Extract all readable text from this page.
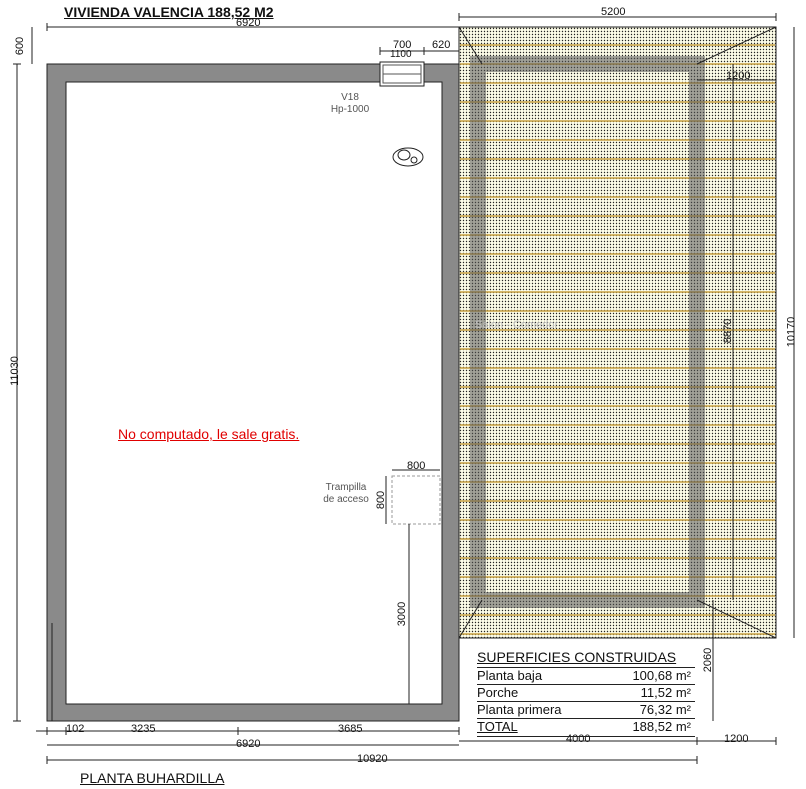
VIVIENDA VALENCIA 188,52 M2
6920
5200
600	700 620
1100
1200
8870	10170
11030
V18
Hp-1000
Trampilla
de acceso
Salon - Comedor
No computado, le sale gratis.
800
800
3000
102	3235	3685
6920	4000	1200
10920
2060
PLANTA BUHARDILLA
SUPERFICIES CONSTRUIDAS
Planta baja	100,68 m²
Porche	11,52 m²
Planta primera	76,32 m²
TOTAL	188,52 m²
